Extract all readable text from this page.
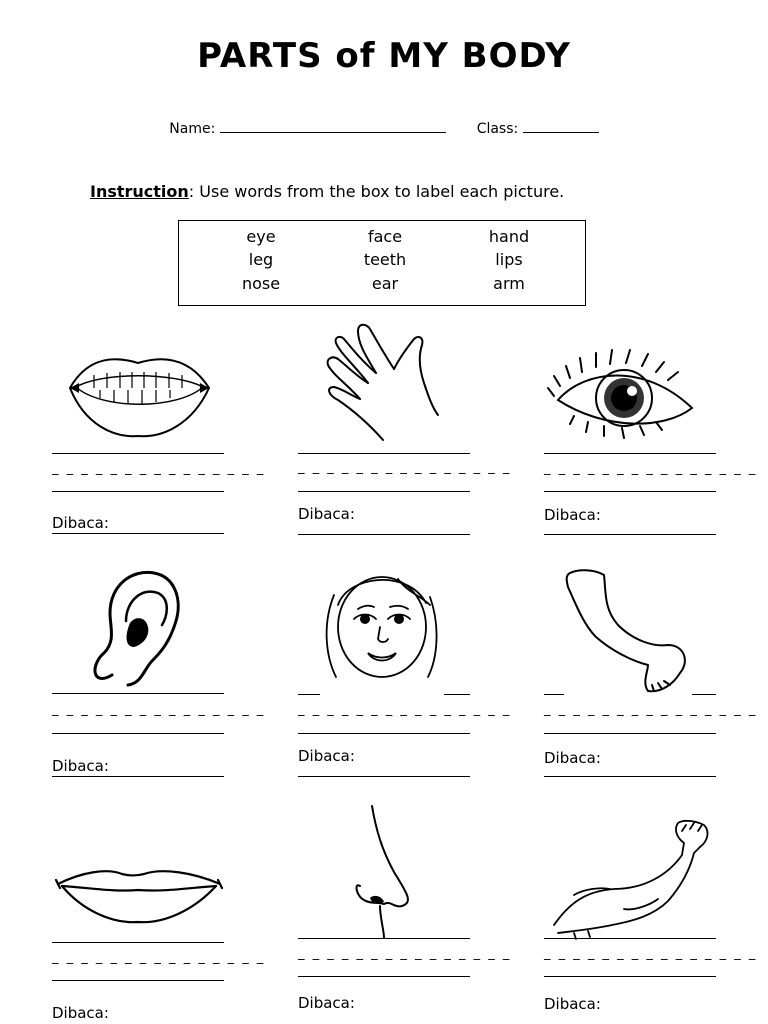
PARTS of MY BODY
Name:	Class:
Instruction: Use words from the box to label each picture.
eye	face	hand
leg	teeth	lips
nose	ear	arm
_ _ _ _ _ _ _ _ _ _ _ _ _ _ _
Dibaca:
_ _ _ _ _ _ _ _ _ _ _ _ _ _ _
Dibaca:
_ _ _ _ _ _ _ _ _ _ _ _ _ _ _
Dibaca:
_ _ _ _ _ _ _ _ _ _ _ _ _ _ _
Dibaca:
_ _ _ _ _ _ _ _ _ _ _ _ _ _ _
Dibaca:
_ _ _ _ _ _ _ _ _ _ _ _ _ _ _
Dibaca:
_ _ _ _ _ _ _ _ _ _ _ _ _ _ _
Dibaca:
_ _ _ _ _ _ _ _ _ _ _ _ _ _ _
Dibaca:
_ _ _ _ _ _ _ _ _ _ _ _ _ _ _
Dibaca:
